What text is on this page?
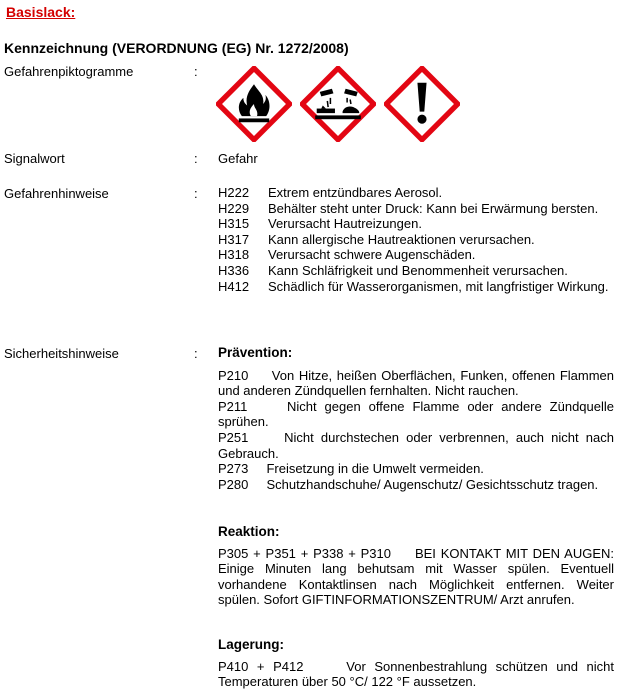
Basislack:
Kennzeichnung (VERORDNUNG (EG) Nr. 1272/2008)
Gefahrenpiktogramme	:
Signalwort	: Gefahr
Gefahrenhinweise	: H222	Extrem entzündbares Aerosol.
H229	Behälter steht unter Druck: Kann bei Erwärmung bersten.
H315	Verursacht Hautreizungen.
H317	Kann allergische Hautreaktionen verursachen.
H318	Verursacht schwere Augenschäden.
H336	Kann Schläfrigkeit und Benommenheit verursachen.
H412	Schädlich für Wasserorganismen, mit langfristiger Wirkung.
Sicherheitshinweise	: Prävention:
P210 Von Hitze, heißen Oberflächen, Funken, offenen Flammen und anderen Zündquellen fernhalten. Nicht rauchen.
P211	Nicht gegen offene Flamme oder andere Zündquelle sprühen.
P251	Nicht durchstechen oder verbrennen, auch nicht nach Gebrauch.
P273 Freisetzung in die Umwelt vermeiden.
P280 Schutzhandschuhe/ Augenschutz/ Gesichtsschutz tragen.
Reaktion:
P305 + P351 + P338 + P310 BEI KONTAKT MIT DEN AUGEN: Einige Minuten lang behutsam mit Wasser spülen. Eventuell vorhandene Kontaktlinsen nach Möglichkeit entfernen. Weiter spülen. Sofort GIFTINFORMATIONSZENTRUM/ Arzt anrufen.
Lagerung:
P410 + P412	Vor Sonnenbestrahlung schützen und nicht Temperaturen über 50 °C/ 122 °F aussetzen.
